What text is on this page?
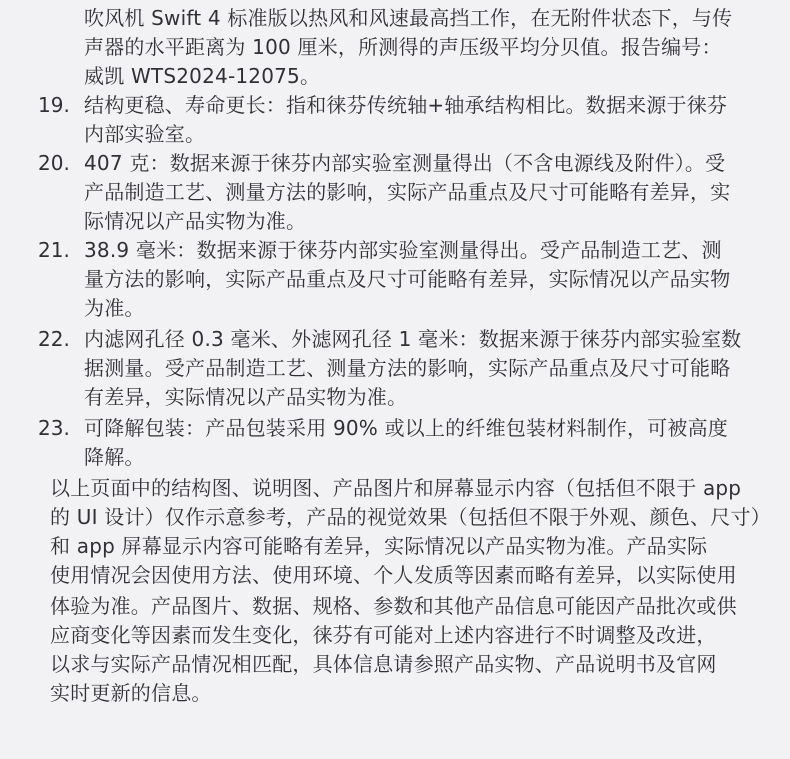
吹风机 Swift 4 标准版以热风和风速最高挡工作，在无附件状态下，与传
声器的水平距离为 100 厘米，所测得的声压级平均分贝值。报告编号：
威凯 WTS2024-12075。
19. 结构更稳、寿命更长：指和徕芬传统轴+轴承结构相比。数据来源于徕芬
内部实验室。
20. 407 克：数据来源于徕芬内部实验室测量得出（不含电源线及附件）。受
产品制造工艺、测量方法的影响，实际产品重点及尺寸可能略有差异，实
际情况以产品实物为准。
21. 38.9 毫米：数据来源于徕芬内部实验室测量得出。受产品制造工艺、测
量方法的影响，实际产品重点及尺寸可能略有差异，实际情况以产品实物
为准。
22. 内滤网孔径 0.3 毫米、外滤网孔径 1 毫米：数据来源于徕芬内部实验室数
据测量。受产品制造工艺、测量方法的影响，实际产品重点及尺寸可能略
有差异，实际情况以产品实物为准。
23. 可降解包装：产品包装采用 90% 或以上的纤维包装材料制作，可被高度
降解。
以上页面中的结构图、说明图、产品图片和屏幕显示内容（包括但不限于 app
的 UI 设计）仅作示意参考，产品的视觉效果（包括但不限于外观、颜色、尺寸）
和 app 屏幕显示内容可能略有差异，实际情况以产品实物为准。产品实际
使用情况会因使用方法、使用环境、个人发质等因素而略有差异，以实际使用
体验为准。产品图片、数据、规格、参数和其他产品信息可能因产品批次或供
应商变化等因素而发生变化，徕芬有可能对上述内容进行不时调整及改进，
以求与实际产品情况相匹配，具体信息请参照产品实物、产品说明书及官网
实时更新的信息。
